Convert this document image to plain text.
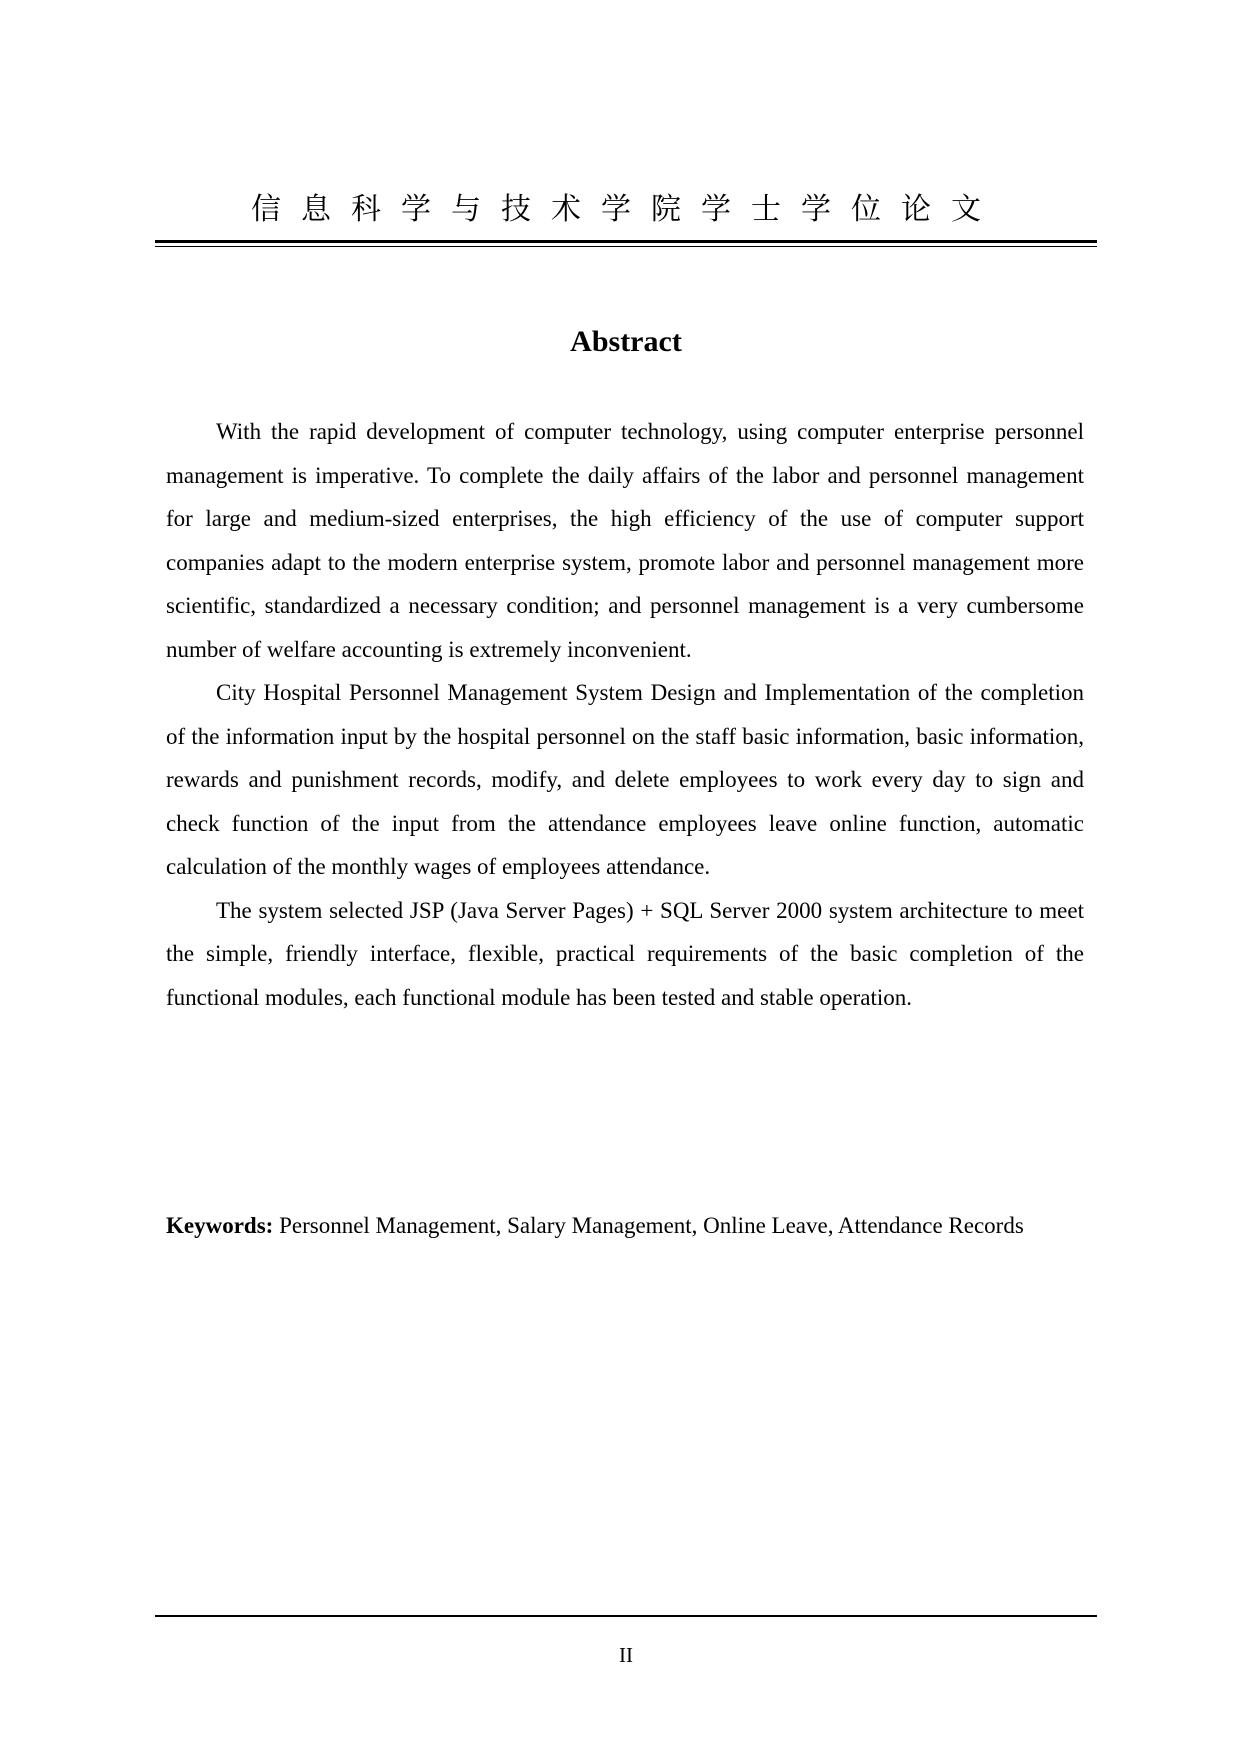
信息科学与技术学院学士学位论文
Abstract

With the rapid development of computer technology, using computer enterprise personnel management is imperative. To complete the daily affairs of the labor and personnel management for large and medium-sized enterprises, the high efficiency of the use of computer support companies adapt to the modern enterprise system, promote labor and personnel management more scientific, standardized a necessary condition; and personnel management is a very cumbersome number of welfare accounting is extremely inconvenient.

City Hospital Personnel Management System Design and Implementation of the completion of the information input by the hospital personnel on the staff basic information, basic information, rewards and punishment records, modify, and delete employees to work every day to sign and check function of the input from the attendance employees leave online function, automatic calculation of the monthly wages of employees attendance.

The system selected JSP (Java Server Pages) + SQL Server 2000 system architecture to meet the simple, friendly interface, flexible, practical requirements of the basic completion of the functional modules, each functional module has been tested and stable operation.

Keywords: Personnel Management, Salary Management, Online Leave, Attendance Records
II
